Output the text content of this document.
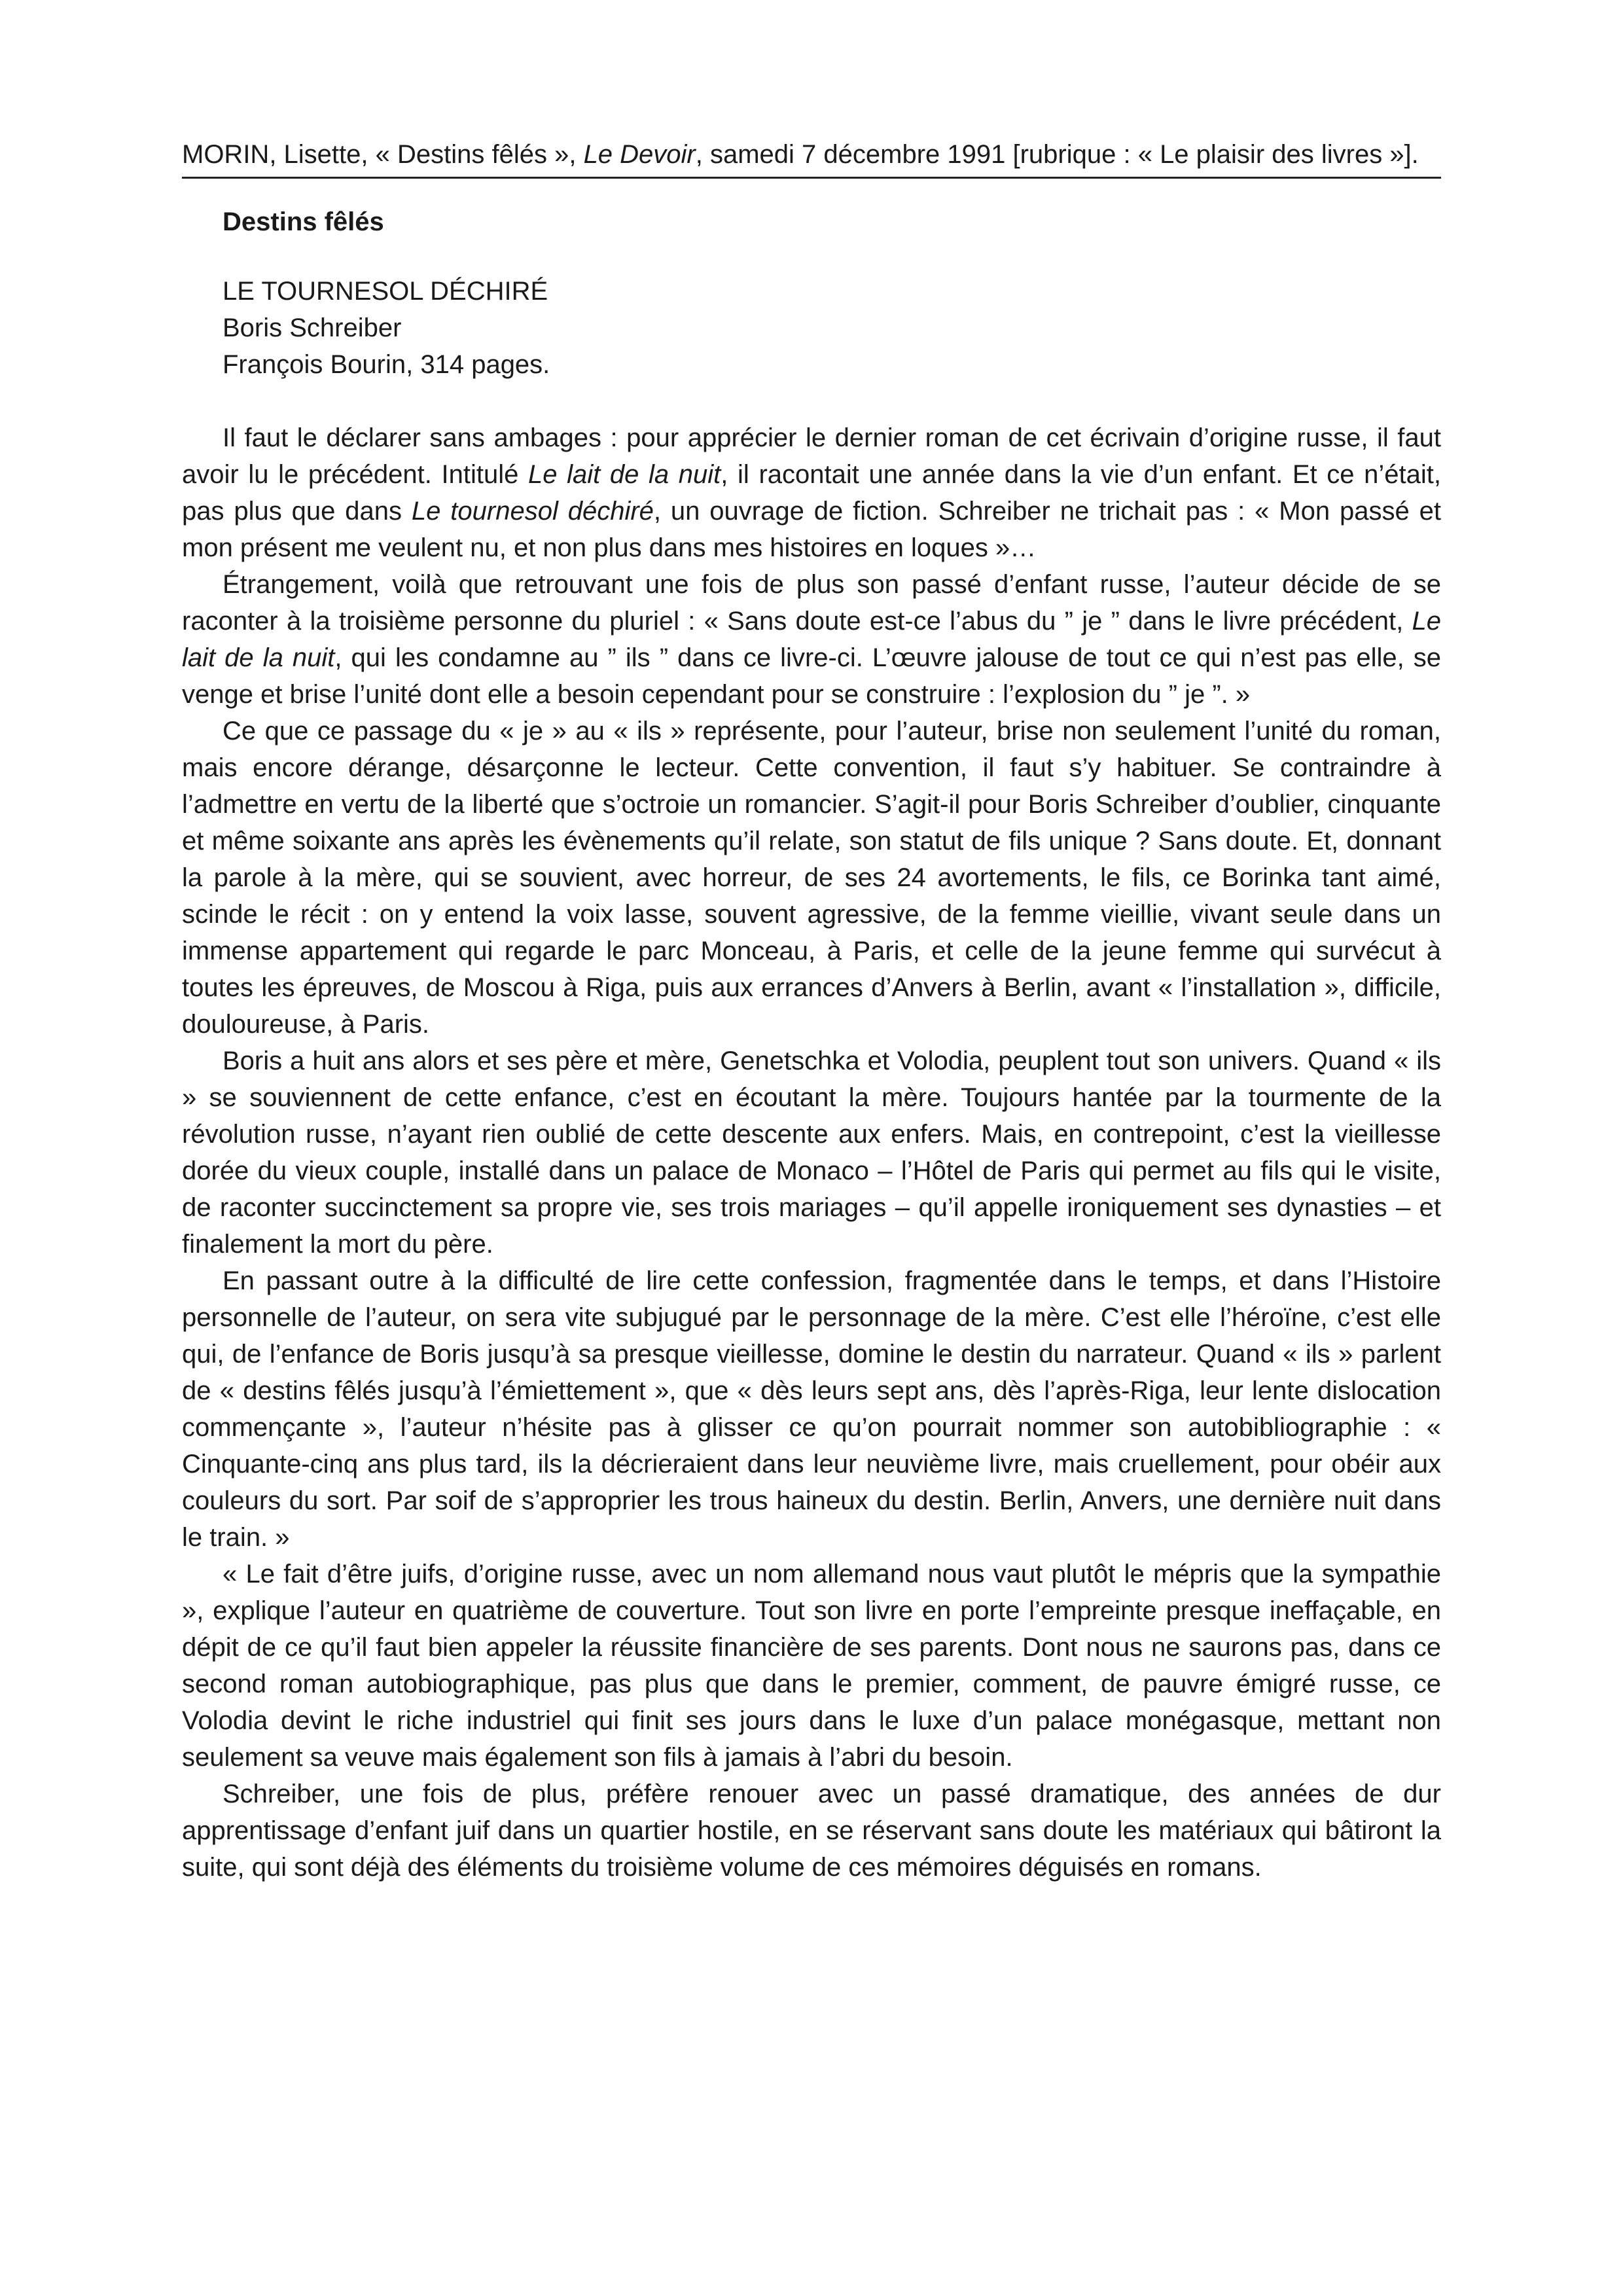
MORIN, Lisette, « Destins fêlés », Le Devoir, samedi 7 décembre 1991 [rubrique : « Le plaisir des livres »].

Destins fêlés
LE TOURNESOL DÉCHIRÉ
Boris Schreiber
François Bourin, 314 pages.

Il faut le déclarer sans ambages : pour apprécier le dernier roman de cet écrivain d’origine russe, il faut avoir lu le précédent. Intitulé Le lait de la nuit, il racontait une année dans la vie d’un enfant. Et ce n’était, pas plus que dans Le tournesol déchiré, un ouvrage de fiction. Schreiber ne trichait pas : « Mon passé et mon présent me veulent nu, et non plus dans mes histoires en loques »…

Étrangement, voilà que retrouvant une fois de plus son passé d’enfant russe, l’auteur décide de se raconter à la troisième personne du pluriel : « Sans doute est-ce l’abus du ” je ” dans le livre précédent, Le lait de la nuit, qui les condamne au ” ils ” dans ce livre-ci. L’œuvre jalouse de tout ce qui n’est pas elle, se venge et brise l’unité dont elle a besoin cependant pour se construire : l’explosion du ” je ”. »

Ce que ce passage du « je » au « ils » représente, pour l’auteur, brise non seulement l’unité du roman, mais encore dérange, désarçonne le lecteur. Cette convention, il faut s’y habituer. Se contraindre à l’admettre en vertu de la liberté que s’octroie un romancier. S’agit-il pour Boris Schreiber d’oublier, cinquante et même soixante ans après les évènements qu’il relate, son statut de fils unique ? Sans doute. Et, donnant la parole à la mère, qui se souvient, avec horreur, de ses 24 avortements, le fils, ce Borinka tant aimé, scinde le récit : on y entend la voix lasse, souvent agressive, de la femme vieillie, vivant seule dans un immense appartement qui regarde le parc Monceau, à Paris, et celle de la jeune femme qui survécut à toutes les épreuves, de Moscou à Riga, puis aux errances d’Anvers à Berlin, avant « l’installation », difficile, douloureuse, à Paris.

Boris a huit ans alors et ses père et mère, Genetschka et Volodia, peuplent tout son univers. Quand « ils » se souviennent de cette enfance, c’est en écoutant la mère. Toujours hantée par la tourmente de la révolution russe, n’ayant rien oublié de cette descente aux enfers. Mais, en contrepoint, c’est la vieillesse dorée du vieux couple, installé dans un palace de Monaco – l’Hôtel de Paris qui permet au fils qui le visite, de raconter succinctement sa propre vie, ses trois mariages – qu’il appelle ironiquement ses dynasties – et finalement la mort du père.

En passant outre à la difficulté de lire cette confession, fragmentée dans le temps, et dans l’Histoire personnelle de l’auteur, on sera vite subjugué par le personnage de la mère. C’est elle l’héroïne, c’est elle qui, de l’enfance de Boris jusqu’à sa presque vieillesse, domine le destin du narrateur. Quand « ils » parlent de « destins fêlés jusqu’à l’émiettement », que « dès leurs sept ans, dès l’après-Riga, leur lente dislocation commençante », l’auteur n’hésite pas à glisser ce qu’on pourrait nommer son autobibliographie : « Cinquante-cinq ans plus tard, ils la décrieraient dans leur neuvième livre, mais cruellement, pour obéir aux couleurs du sort. Par soif de s’approprier les trous haineux du destin. Berlin, Anvers, une dernière nuit dans le train. »

« Le fait d’être juifs, d’origine russe, avec un nom allemand nous vaut plutôt le mépris que la sympathie », explique l’auteur en quatrième de couverture. Tout son livre en porte l’empreinte presque ineffaçable, en dépit de ce qu’il faut bien appeler la réussite financière de ses parents. Dont nous ne saurons pas, dans ce second roman autobiographique, pas plus que dans le premier, comment, de pauvre émigré russe, ce Volodia devint le riche industriel qui finit ses jours dans le luxe d’un palace monégasque, mettant non seulement sa veuve mais également son fils à jamais à l’abri du besoin.

Schreiber, une fois de plus, préfère renouer avec un passé dramatique, des années de dur apprentissage d’enfant juif dans un quartier hostile, en se réservant sans doute les matériaux qui bâtiront la suite, qui sont déjà des éléments du troisième volume de ces mémoires déguisés en romans.
